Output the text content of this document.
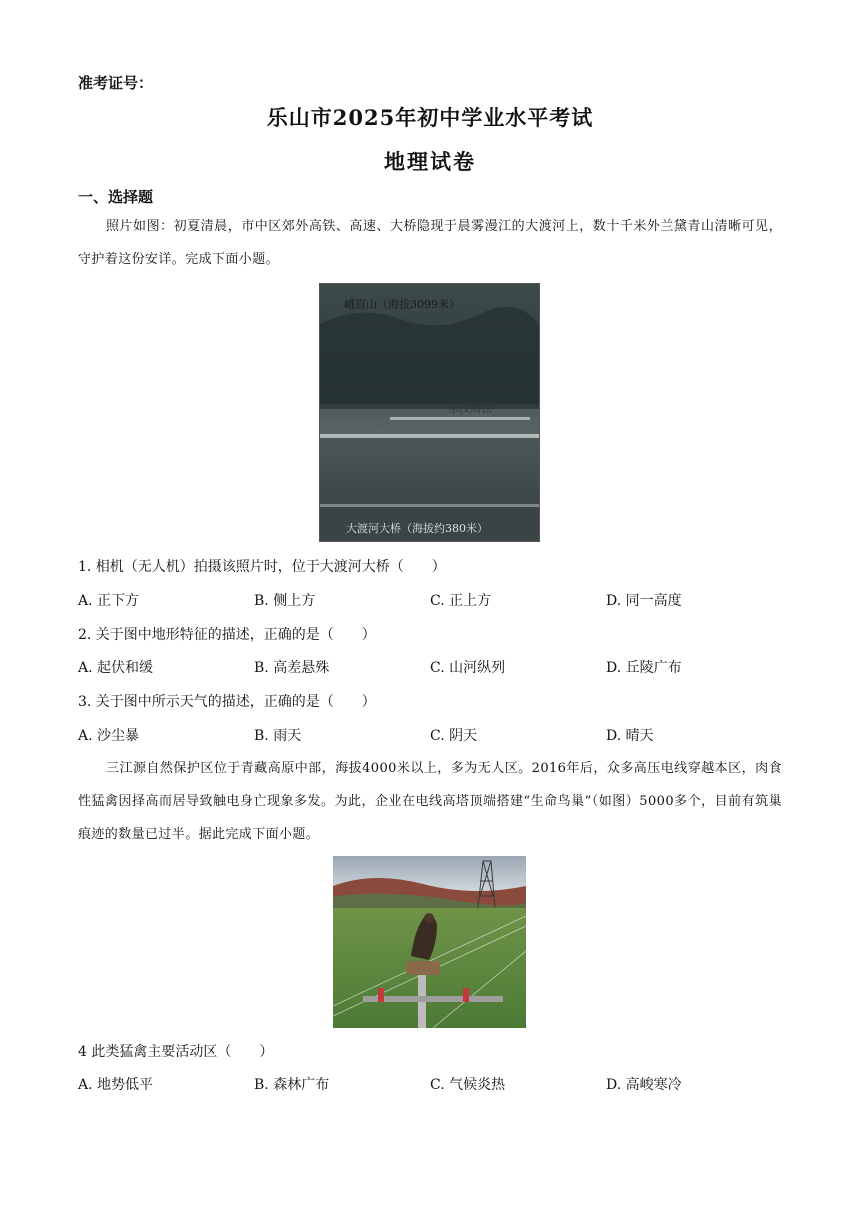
准考证号：
乐山市2025年初中学业水平考试
地理试卷
一、选择题
照片如图：初夏清晨，市中区郊外高铁、高速、大桥隐现于晨雾漫江的大渡河上，数十千米外兰黛青山清晰可见，守护着这份安详。完成下面小题。
峨眉山（海拔3099米）
乐汉高铁
大渡河大桥（海拔约380米）
1. 相机（无人机）拍摄该照片时，位于大渡河大桥（　　）
A. 正下方	B. 侧上方	C. 正上方	D. 同一高度
2. 关于图中地形特征的描述，正确的是（　　）
A. 起伏和缓	B. 高差悬殊	C. 山河纵列	D. 丘陵广布
3. 关于图中所示天气的描述，正确的是（　　）
A. 沙尘暴	B. 雨天	C. 阴天	D. 晴天
三江源自然保护区位于青藏高原中部，海拔4000米以上，多为无人区。2016年后，众多高压电线穿越本区，肉食性猛禽因择高而居导致触电身亡现象多发。为此，企业在电线高塔顶端搭建“生命鸟巢”（如图）5000多个，目前有筑巢痕迹的数量已过半。据此完成下面小题。
4 此类猛禽主要活动区（　　）
A. 地势低平	B. 森林广布	C. 气候炎热	D. 高峻寒冷
